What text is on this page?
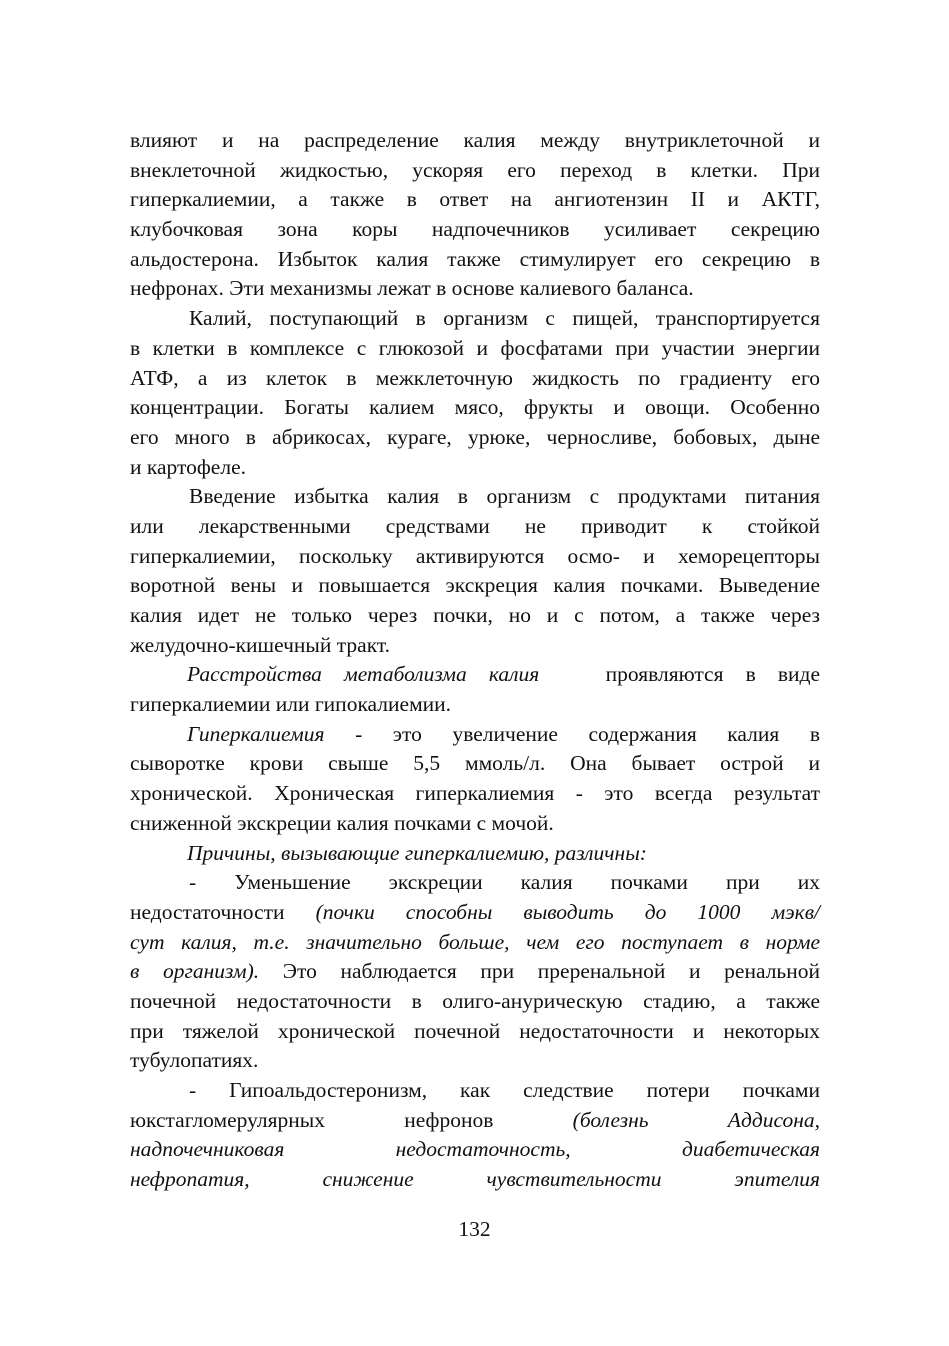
влияют и на распределение калия между внутриклеточной и
внеклеточной жидкостью, ускоряя его переход в клетки. При
гиперкалиемии, а также в ответ на ангиотензин II и АКТГ,
клубочковая зона коры надпочечников усиливает секрецию
альдостерона. Избыток калия также стимулирует его секрецию в
нефронах. Эти механизмы лежат в основе калиевого баланса.
Калий, поступающий в организм с пищей, транспортируется
в клетки в комплексе с глюкозой и фосфатами при участии энергии
АТФ, а из клеток в межклеточную жидкость по градиенту его
концентрации. Богаты калием мясо, фрукты и овощи. Особенно
его много в абрикосах, кураге, урюке, черносливе, бобовых, дыне
и картофеле.
Введение избытка калия в организм с продуктами питания
или лекарственными средствами не приводит к стойкой
гиперкалиемии, поскольку активируются осмо- и хеморецепторы
воротной вены и повышается экскреция калия почками. Выведение
калия идет не только через почки, но и с потом, а также через
желудочно-кишечный тракт.
Расстройства метаболизма калия	проявляются в виде
гиперкалиемии или гипокалиемии.
Гиперкалиемия - это увеличение содержания калия в
сыворотке крови свыше 5,5 ммоль/л. Она бывает острой и
хронической. Хроническая гиперкалиемия - это всегда результат
сниженной экскреции калия почками с мочой.
Причины, вызывающие гиперкалиемию, различны:
- Уменьшение экскреции калия почками при их
недостаточности (почки способны выводить до 1000 мэкв/
сут калия, т.е. значительно больше, чем его поступает в норме
в организм). Это наблюдается при преренальной и ренальной
почечной недостаточности в олиго-анурическую стадию, а также
при тяжелой хронической почечной недостаточности и некоторых
тубулопатиях.
- Гипоальдостеронизм, как следствие потери почками
юкстагломерулярных нефронов	(болезнь Аддисона,
надпочечниковая недостаточность, диабетическая
нефропатия, снижение чувствительности эпителия
132
